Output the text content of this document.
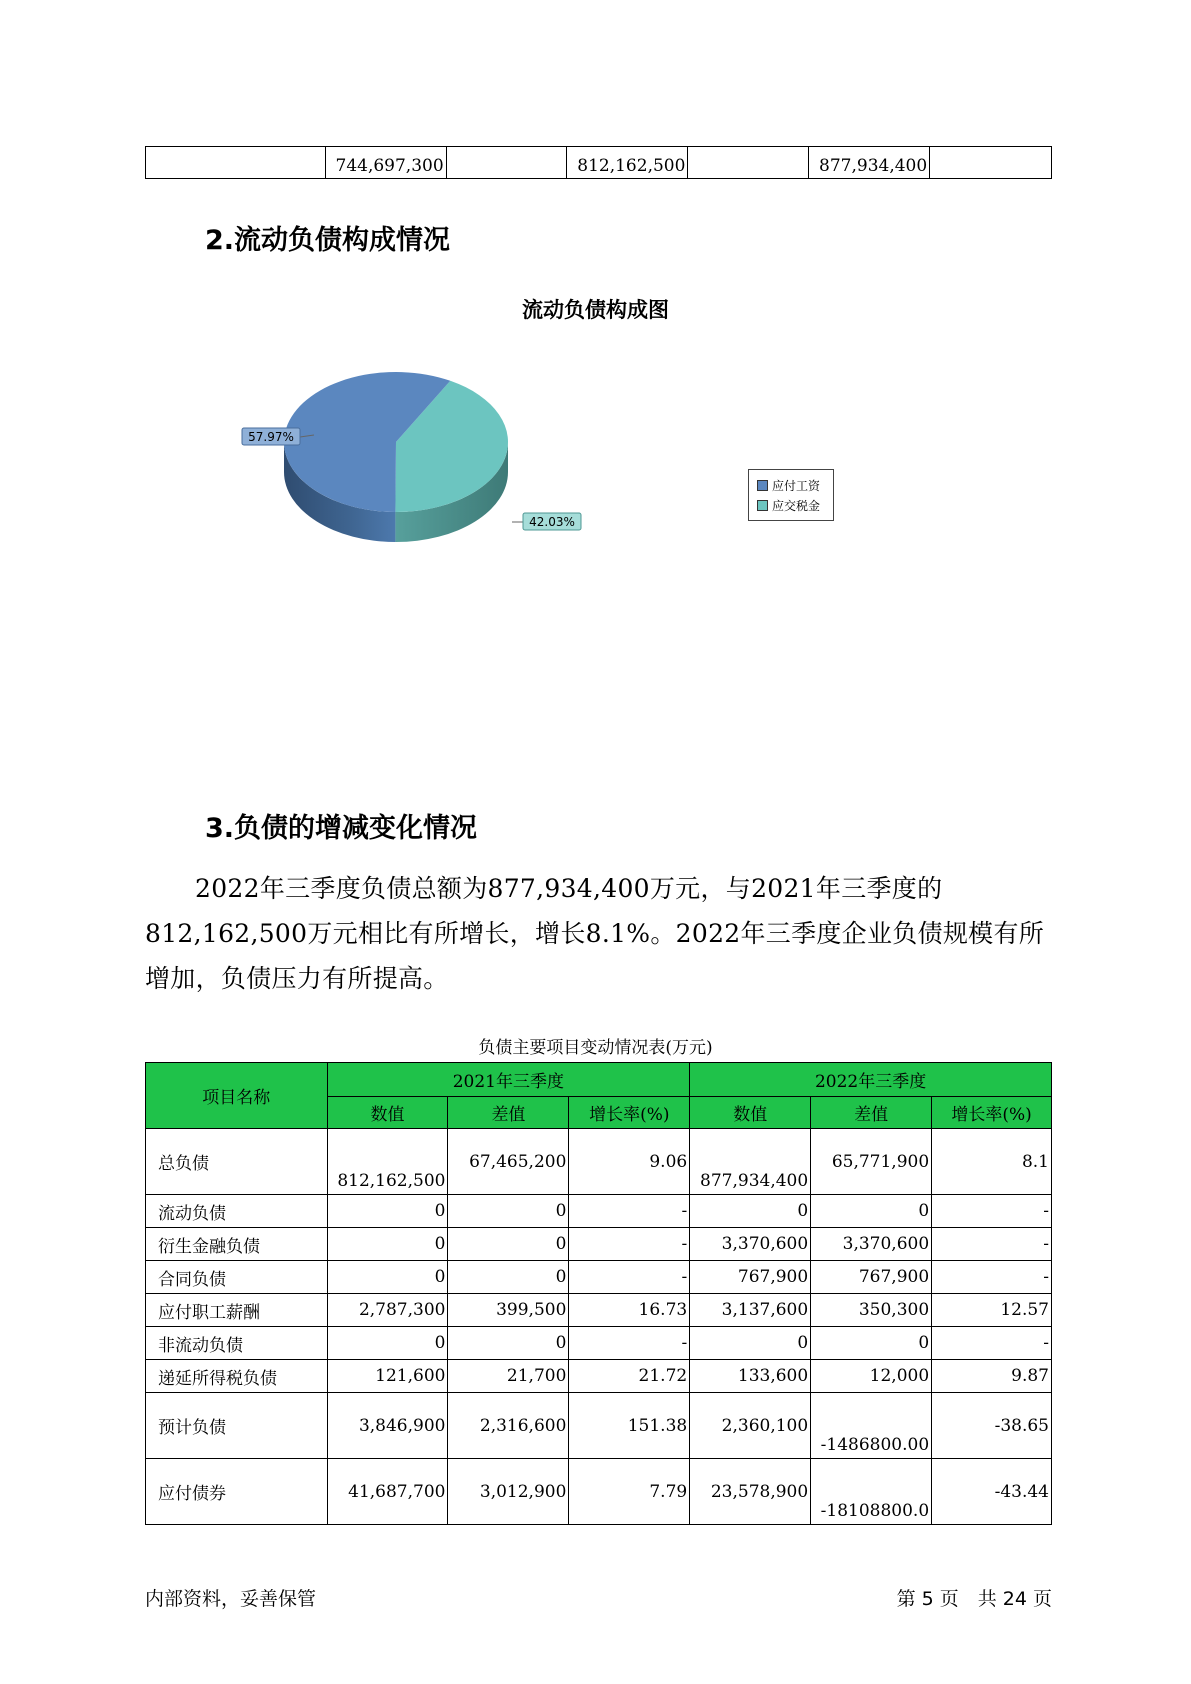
	744,697,300		812,162,500		877,934,400	
2.流动负债构成情况
流动负债构成图
57.97%
42.03%
应付工资
应交税金
3.负债的增减变化情况

2022年三季度负债总额为877,934,400万元，与2021年三季度的812,162,500万元相比有所增长，增长8.1%。2022年三季度企业负债规模有所增加，负债压力有所提高。

负债主要项目变动情况表(万元)
项目名称	2021年三季度			2022年三季度		
	数值	差值	增长率(%)	数值	差值	增长率(%)
总负债	812,162,500	67,465,200	9.06	877,934,400	65,771,900	8.1
流动负债	0	0	-	0	0	-
衍生金融负债	0	0	-	3,370,600	3,370,600	-
合同负债	0	0	-	767,900	767,900	-
应付职工薪酬	2,787,300	399,500	16.73	3,137,600	350,300	12.57
非流动负债	0	0	-	0	0	-
递延所得税负债	121,600	21,700	21.72	133,600	12,000	9.87
预计负债	3,846,900	2,316,600	151.38	2,360,100	-1486800.00	-38.65
应付债券	41,687,700	3,012,900	7.79	23,578,900	-18108800.0	-43.44
内部资料，妥善保管	第 5 页　共 24 页
